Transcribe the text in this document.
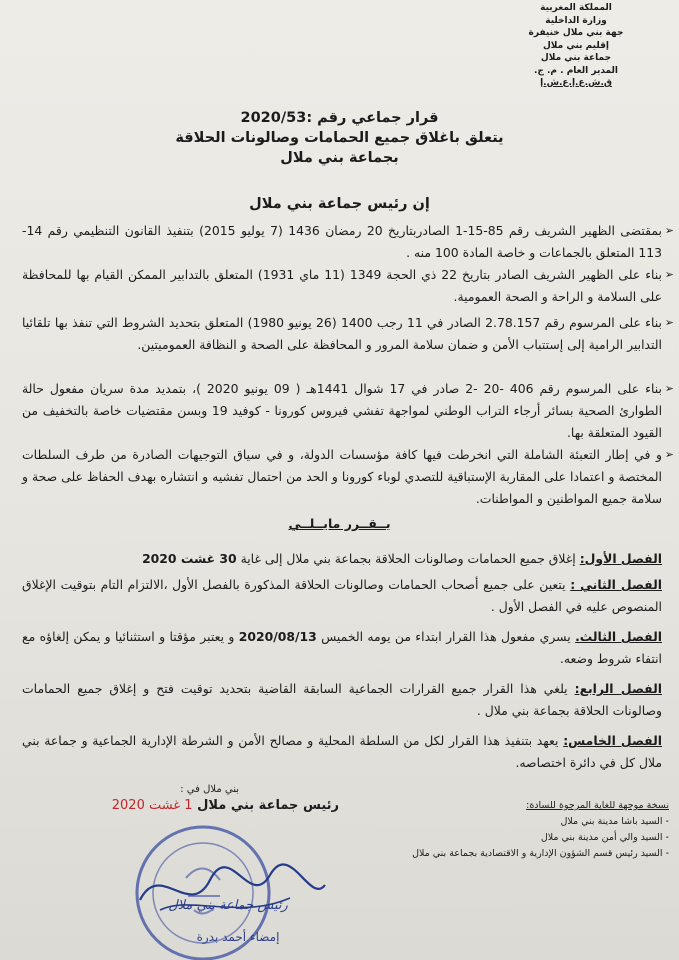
المملكة المغربية
وزارة الداخلية
جهة بني ملال خنيفرة
إقليم بني ملال
جماعة بني ملال
المدير العام . م. ج.
ق.ش.ع.إ.ع.ش.إ
قرار جماعي رقم :2020/53
يتعلق باغلاق جميع الحمامات وصالونات الحلاقة
بجماعة بني ملال
إن رئيس جماعة بني ملال
➢
بمقتضى الظهير الشريف رقم 85-15-1 الصادربتاريخ 20 رمضان 1436 (7 يوليو 2015) بتنفيذ القانون التنظيمي رقم 14-113 المتعلق بالجماعات و خاصة المادة 100 منه .
➢
بناء على الظهير الشريف الصادر بتاريخ 22 ذي الحجة 1349 (11 ماي 1931) المتعلق بالتدابير الممكن القيام بها للمحافظة على السلامة و الراحة و الصحة العمومية.
➢
بناء على المرسوم رقم 2.78.157 الصادر في 11 رجب 1400 (26 يونيو 1980) المتعلق بتحديد الشروط التي تنفذ بها تلقائيا التدابير الرامية إلى إستتباب الأمن و ضمان سلامة المرور و المحافظة على الصحة و النظافة العموميتين.
➢
بناء على المرسوم رقم 406 -20 -2 صادر في 17 شوال 1441هـ ( 09 يونيو 2020 )، بتمديد مدة سريان مفعول حالة الطوارئ الصحية بسائر أرجاء التراب الوطني لمواجهة تفشي فيروس كورونا - كوفيد 19 وبسن مقتضيات خاصة بالتخفيف من القيود المتعلقة بها.
➢
و في إطار التعبئة الشاملة التي انخرطت فيها كافة مؤسسات الدولة، و في سياق التوجيهات الصادرة من طرف السلطات المختصة و اعتمادا على المقاربة الإستباقية للتصدي لوباء كورونا و الحد من احتمال تفشيه و انتشاره بهدف الحفاظ على صحة و سلامة جميع المواطنين و المواطنات.
يــقــرر مايــلــي
الفصل الأول: إغلاق جميع الحمامات وصالونات الحلاقة بجماعة بني ملال إلى غاية 30 غشت 2020
الفصل الثاني : يتعين على جميع أصحاب الحمامات وصالونات الحلاقة المذكورة بالفصل الأول ،الالتزام التام بتوقيت الإغلاق المنصوص عليه في الفصل الأول .
الفصل الثالث. يسري مفعول هذا القرار ابتداء من يومه الخميس 2020/08/13 و يعتبر مؤقتا و استثنائيا و يمكن إلغاؤه مع انتفاء شروط وضعه.
الفصل الرابع: يلغي هذا القرار جميع القرارات الجماعية السابقة القاضية بتحديد توقيت فتح و إغلاق جميع الحمامات وصالونات الحلاقة بجماعة بني ملال .
الفصل الخامس: يعهد بتنفيذ هذا القرار لكل من السلطة المحلية و مصالح الأمن و الشرطة الإدارية الجماعية و جماعة بني ملال كل في دائرة اختصاصه.
بني ملال في :
رئيس جماعة بني ملال 1 غشت 2020	نسخة موجهة للغاية المرجوة للسادة:
- السيد باشا مدينة بني ملال
- السيد والي أمن مدينة بني ملال
- السيد رئيس قسم الشؤون الإدارية و الاقتصادية بجماعة بني ملال
رئيس جماعة بني ملال
إمضاء أحمد بدرة
